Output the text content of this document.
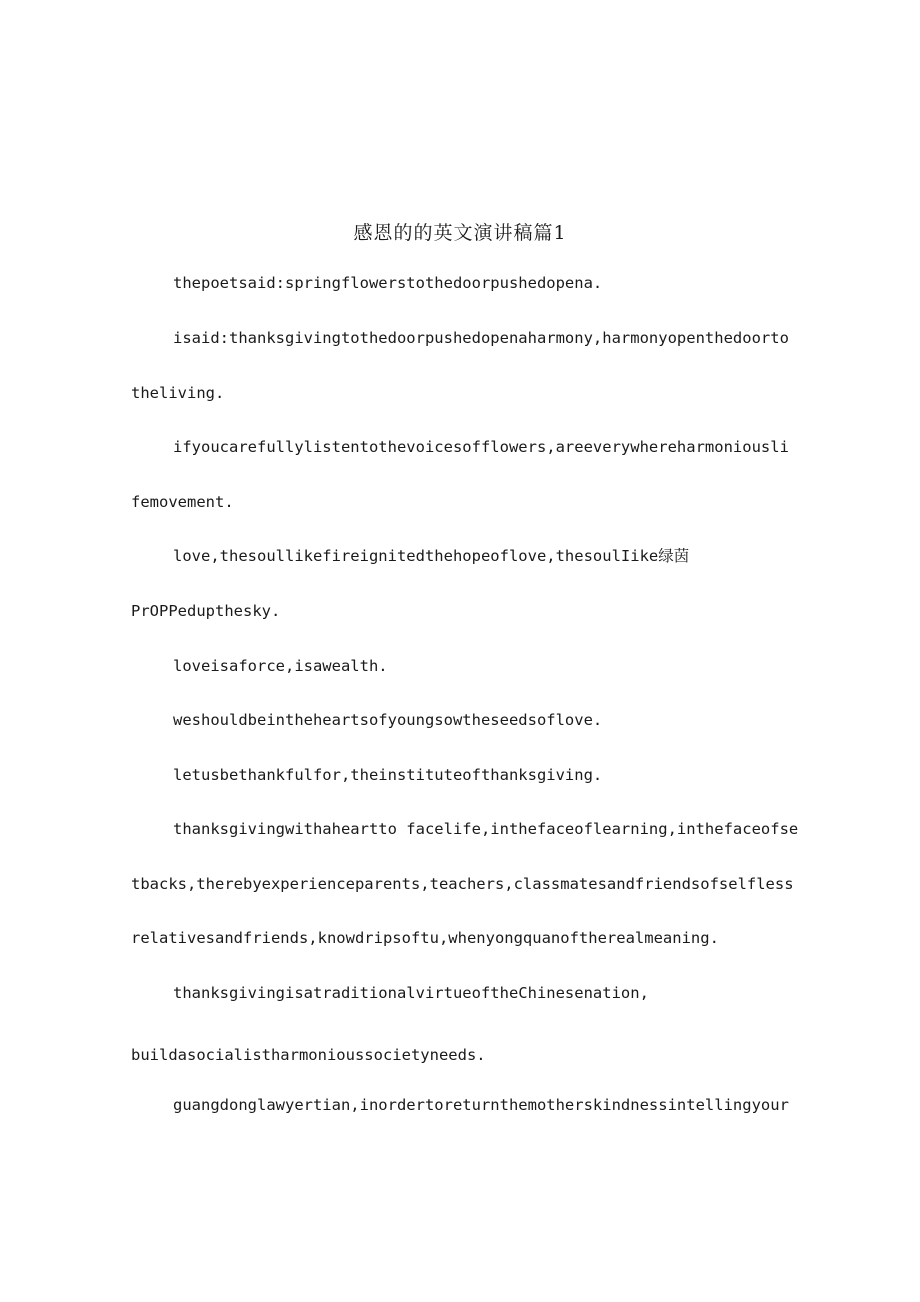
感恩的的英文演讲稿篇1
thepoetsaid:springflowerstothedoorpushedopena.
isaid:thanksgivingtothedoorpushedopenaharmony,harmonyopenthedoorto
theliving.
ifyoucarefullylistentothevoicesofflowers,areeverywhereharmoniousli
femovement.
love,thesoullikefireignitedthehopeoflove,thesoulIike绿茵
PrOPPedupthesky.
loveisaforce,isawealth.
weshouldbeintheheartsofyoungsowtheseedsoflove.
letusbethankfulfor,theinstituteofthanksgiving.
thanksgivingwithaheartto facelife,inthefaceoflearning,inthefaceofse
tbacks,therebyexperienceparents,teachers,classmatesandfriendsofselfless
relativesandfriends,knowdripsoftu,whenyongquanoftherealmeaning.
thanksgivingisatraditionalvirtueoftheChinesenation,
buildasocialistharmonioussocietyneeds.
guangdonglawyertian,inordertoreturnthemotherskindnessintellingyour
